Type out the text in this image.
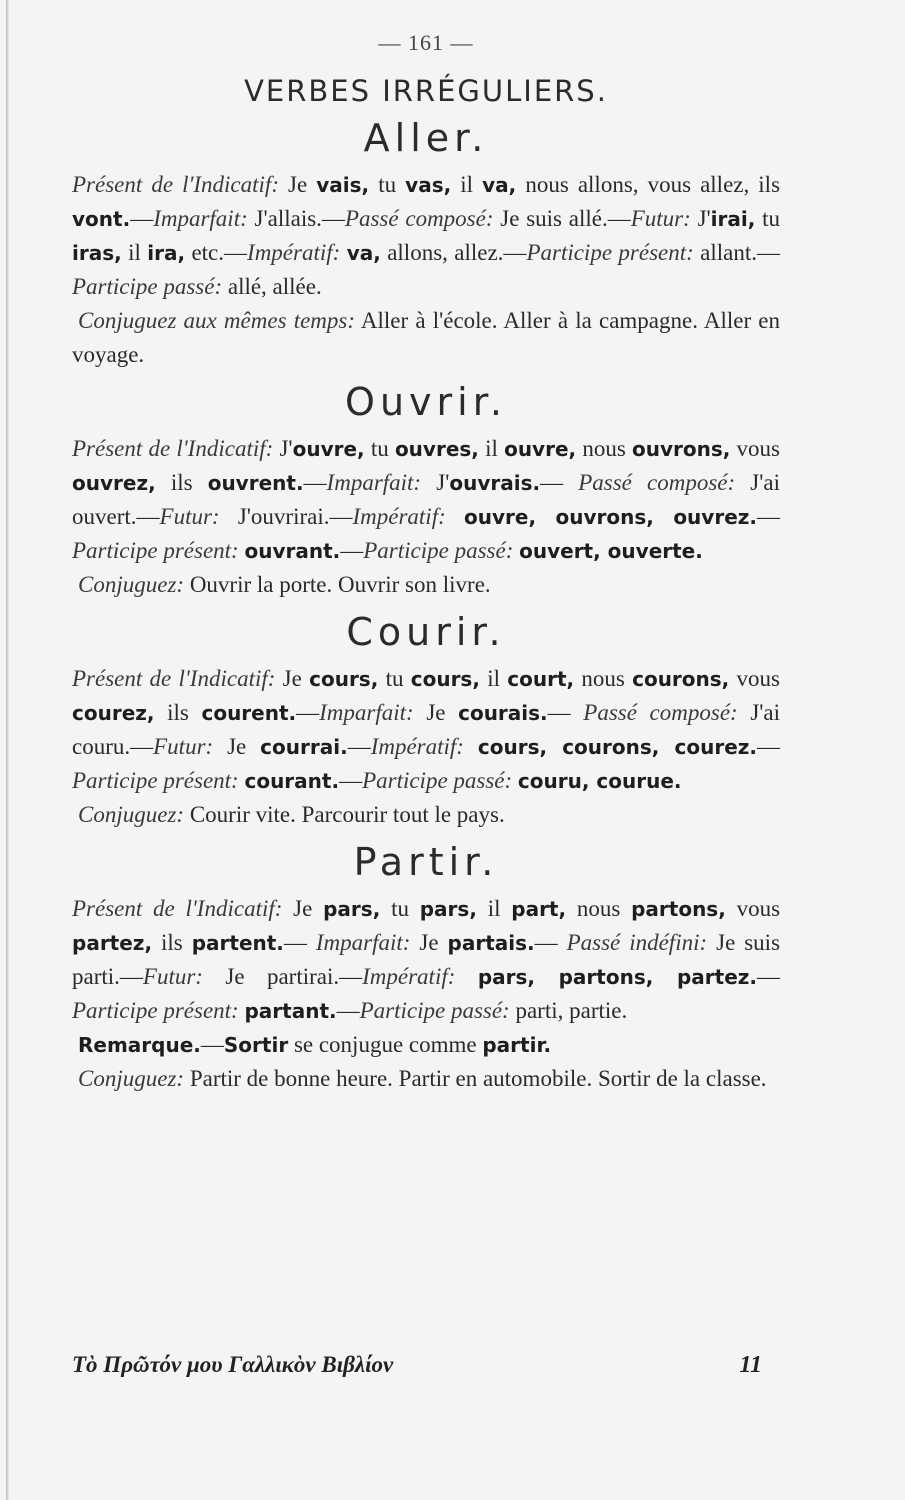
— 161 —
VERBES IRRÉGULIERS.
Aller.

Présent de l'Indicatif: Je vais, tu vas, il va, nous allons, vous allez, ils vont.—Imparfait: J'allais.—Passé composé: Je suis allé.—Futur: J'irai, tu iras, il ira, etc.—Impératif: va, allons, allez.—Participe présent: allant.—Participe passé: allé, allée.

Conjuguez aux mêmes temps: Aller à l'école. Aller à la campagne. Aller en voyage.

Ouvrir.

Présent de l'Indicatif: J'ouvre, tu ouvres, il ouvre, nous ouvrons, vous ouvrez, ils ouvrent.—Imparfait: J'ouvrais.— Passé composé: J'ai ouvert.—Futur: J'ouvrirai.—Impératif: ouvre, ouvrons, ouvrez.—Participe présent: ouvrant.—Participe passé: ouvert, ouverte.

Conjuguez: Ouvrir la porte. Ouvrir son livre.

Courir.

Présent de l'Indicatif: Je cours, tu cours, il court, nous courons, vous courez, ils courent.—Imparfait: Je courais.— Passé composé: J'ai couru.—Futur: Je courrai.—Impératif: cours, courons, courez.—Participe présent: courant.—Participe passé: couru, courue.

Conjuguez: Courir vite. Parcourir tout le pays.

Partir.

Présent de l'Indicatif: Je pars, tu pars, il part, nous partons, vous partez, ils partent.— Imparfait: Je partais.— Passé indéfini: Je suis parti.—Futur: Je partirai.—Impératif: pars, partons, partez.—Participe présent: partant.—Participe passé: parti, partie.

Remarque.—Sortir se conjugue comme partir.

Conjuguez: Partir de bonne heure. Partir en automobile. Sortir de la classe.

Τὸ Πρῶτόν μου Γαλλικὸν Βιβλίον	11
